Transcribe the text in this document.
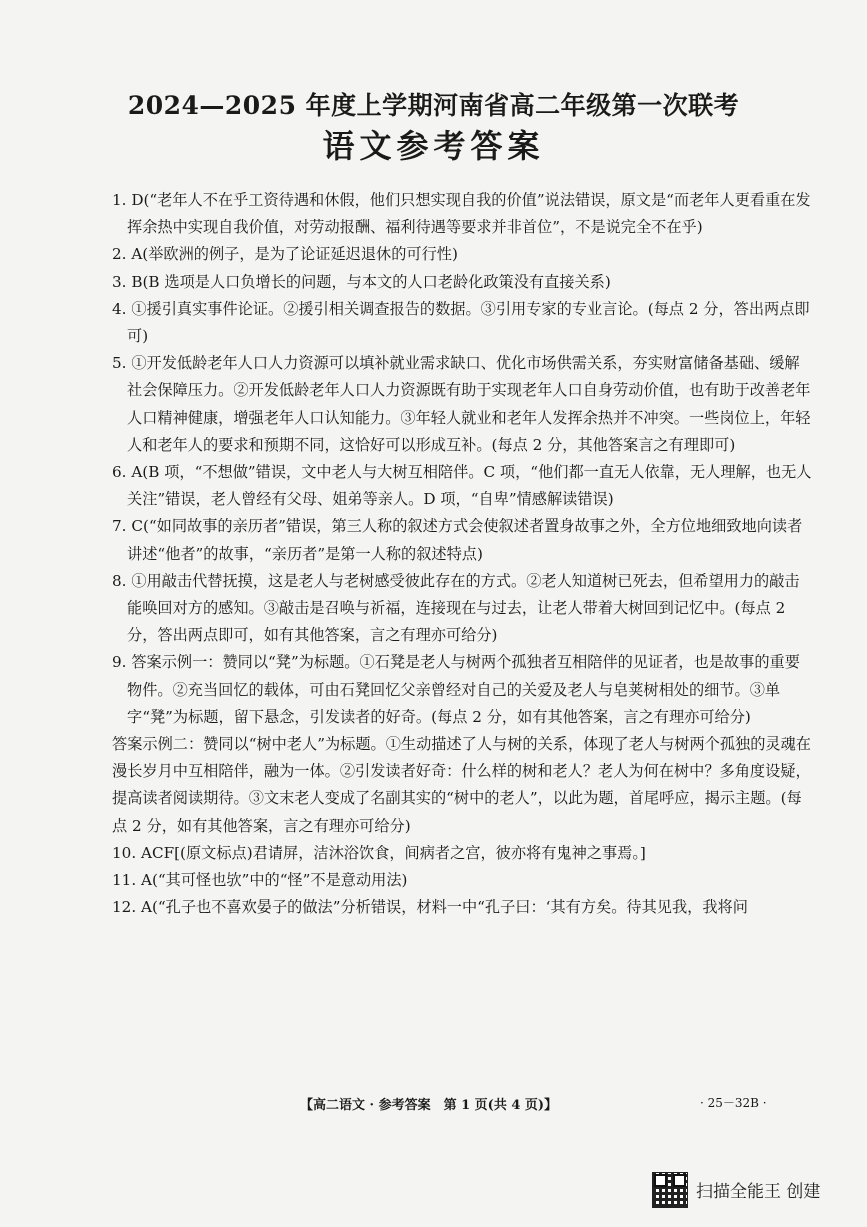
2024—2025 年度上学期河南省高二年级第一次联考
语文参考答案

1. D(“老年人不在乎工资待遇和休假，他们只想实现自我的价值”说法错误，原文是“而老年人更看重在发挥余热中实现自我价值，对劳动报酬、福利待遇等要求并非首位”，不是说完全不在乎)

2. A(举欧洲的例子，是为了论证延迟退休的可行性)

3. B(B 选项是人口负增长的问题，与本文的人口老龄化政策没有直接关系)

4. ①援引真实事件论证。②援引相关调查报告的数据。③引用专家的专业言论。(每点 2 分，答出两点即可)

5. ①开发低龄老年人口人力资源可以填补就业需求缺口、优化市场供需关系，夯实财富储备基础、缓解社会保障压力。②开发低龄老年人口人力资源既有助于实现老年人口自身劳动价值，也有助于改善老年人口精神健康，增强老年人口认知能力。③年轻人就业和老年人发挥余热并不冲突。一些岗位上，年轻人和老年人的要求和预期不同，这恰好可以形成互补。(每点 2 分，其他答案言之有理即可)

6. A(B 项，“不想做”错误，文中老人与大树互相陪伴。C 项，“他们都一直无人依靠，无人理解，也无人关注”错误，老人曾经有父母、姐弟等亲人。D 项，“自卑”情感解读错误)

7. C(“如同故事的亲历者”错误，第三人称的叙述方式会使叙述者置身故事之外，全方位地细致地向读者讲述“他者”的故事，“亲历者”是第一人称的叙述特点)

8. ①用敲击代替抚摸，这是老人与老树感受彼此存在的方式。②老人知道树已死去，但希望用力的敲击能唤回对方的感知。③敲击是召唤与祈福，连接现在与过去，让老人带着大树回到记忆中。(每点 2 分，答出两点即可，如有其他答案，言之有理亦可给分)

9. 答案示例一：赞同以“凳”为标题。①石凳是老人与树两个孤独者互相陪伴的见证者，也是故事的重要物件。②充当回忆的载体，可由石凳回忆父亲曾经对自己的关爱及老人与皂荚树相处的细节。③单字“凳”为标题，留下悬念，引发读者的好奇。(每点 2 分，如有其他答案，言之有理亦可给分)

答案示例二：赞同以“树中老人”为标题。①生动描述了人与树的关系，体现了老人与树两个孤独的灵魂在漫长岁月中互相陪伴，融为一体。②引发读者好奇：什么样的树和老人？老人为何在树中？多角度设疑，提高读者阅读期待。③文末老人变成了名副其实的“树中的老人”，以此为题，首尾呼应，揭示主题。(每点 2 分，如有其他答案，言之有理亦可给分)

10. ACF[(原文标点)君请屏，洁沐浴饮食，间病者之宫，彼亦将有鬼神之事焉。]

11. A(“其可怪也欤”中的“怪”不是意动用法)

12. A(“孔子也不喜欢晏子的做法”分析错误，材料一中“孔子曰：‘其有方矣。待其见我，我将问

【高二语文 · 参考答案　第 1 页(共 4 页)】	· 25－32B ·
扫描全能王 创建
